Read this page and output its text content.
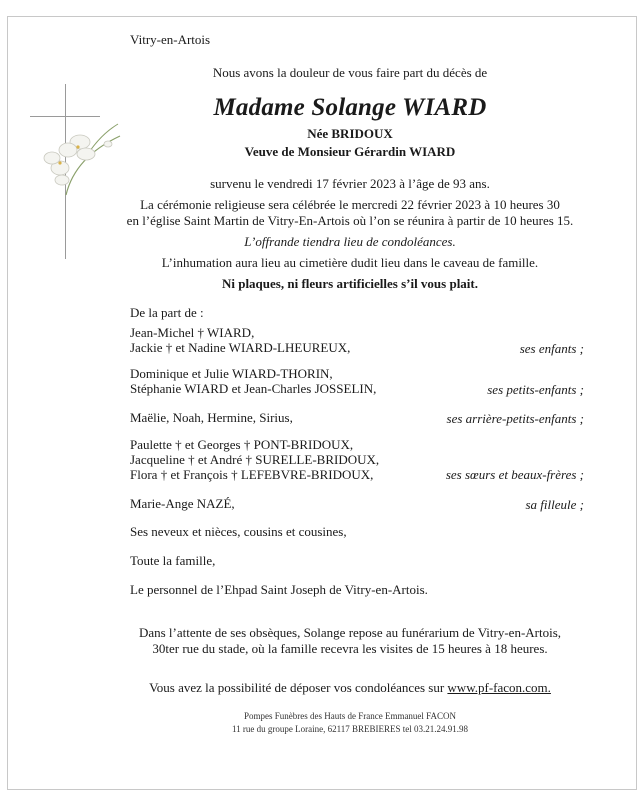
Vitry-en-Artois
Nous avons la douleur de vous faire part du décès de
Madame Solange WIARD
Née BRIDOUX
Veuve de Monsieur Gérardin WIARD
survenu le vendredi 17 février 2023 à l’âge de 93 ans.
La cérémonie religieuse sera célébrée le mercredi 22 février 2023 à 10 heures 30
en l’église Saint Martin de Vitry-En-Artois où l’on se réunira à partir de 10 heures 15.
L’offrande tiendra lieu de condoléances.
L’inhumation aura lieu au cimetière dudit lieu dans le caveau de famille.
Ni plaques, ni fleurs artificielles s’il vous plait.
De la part de :
Jean-Michel † WIARD,
Jackie † et Nadine WIARD-LHEUREUX,	ses enfants ;
Dominique et Julie WIARD-THORIN,
Stéphanie WIARD et Jean-Charles JOSSELIN,	ses petits-enfants ;
Maëlie, Noah, Hermine, Sirius,	ses arrière-petits-enfants ;
Paulette † et Georges † PONT-BRIDOUX,
Jacqueline † et André † SURELLE-BRIDOUX,
Flora † et François † LEFEBVRE-BRIDOUX,	ses sœurs et beaux-frères ;
Marie-Ange NAZÉ,	sa filleule ;
Ses neveux et nièces, cousins et cousines,
Toute la famille,
Le personnel de l’Ehpad Saint Joseph de Vitry-en-Artois.
Dans l’attente de ses obsèques, Solange repose au funérarium de Vitry-en-Artois,
30ter rue du stade, où la famille recevra les visites de 15 heures à 18 heures.
Vous avez la possibilité de déposer vos condoléances sur www.pf-facon.com.
Pompes Funèbres des Hauts de France Emmanuel FACON
11 rue du groupe Loraine, 62117 BREBIERES tel 03.21.24.91.98
